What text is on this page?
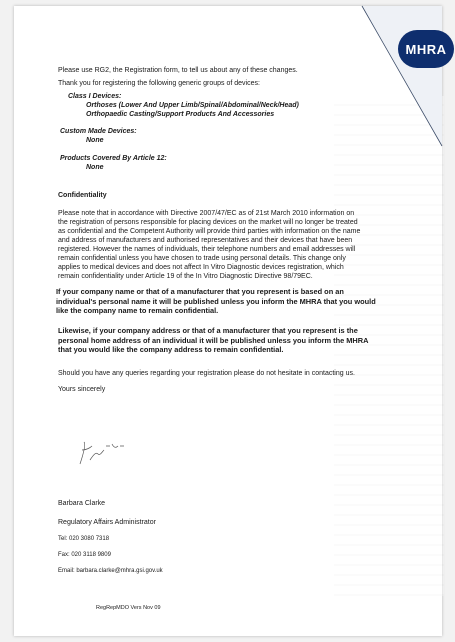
MHRA
Please use RG2, the Registration form, to tell us about any of these changes.
Thank you for registering the following generic groups of devices:
Class I Devices:
Orthoses (Lower And Upper Limb/Spinal/Abdominal/Neck/Head)
Orthopaedic Casting/Support Products And Accessories
Custom Made Devices:
None
Products Covered By Article 12:
None
Confidentiality
Please note that in accordance with Directive 2007/47/EC as of 21st March 2010 information on
the registration of persons responsible for placing devices on the market will no longer be treated
as confidential and the Competent Authority will provide third parties with information on the name
and address of manufacturers and authorised representatives and their devices that have been
registered. However the names of individuals, their telephone numbers and email addresses will
remain confidential unless you have chosen to trade using personal details. This change only
applies to medical devices and does not affect In Vitro Diagnostic devices registration, which
remain confidentiality under Article 19 of the In Vitro Diagnostic Directive 98/79EC.
If your company name or that of a manufacturer that you represent is based on an
individual's personal name it will be published unless you inform the MHRA that you would
like the company name to remain confidential.
Likewise, if your company address or that of a manufacturer that you represent is the
personal home address of an individual it will be published unless you inform the MHRA
that you would like the company address to remain confidential.
Should you have any queries regarding your registration please do not hesitate in contacting us.
Yours sincerely
Barbara Clarke
Regulatory Affairs Administrator
Tel: 020 3080 7318
Fax: 020 3118 9809
Email: barbara.clarke@mhra.gsi.gov.uk
RegRepMDO Vers Nov 09
